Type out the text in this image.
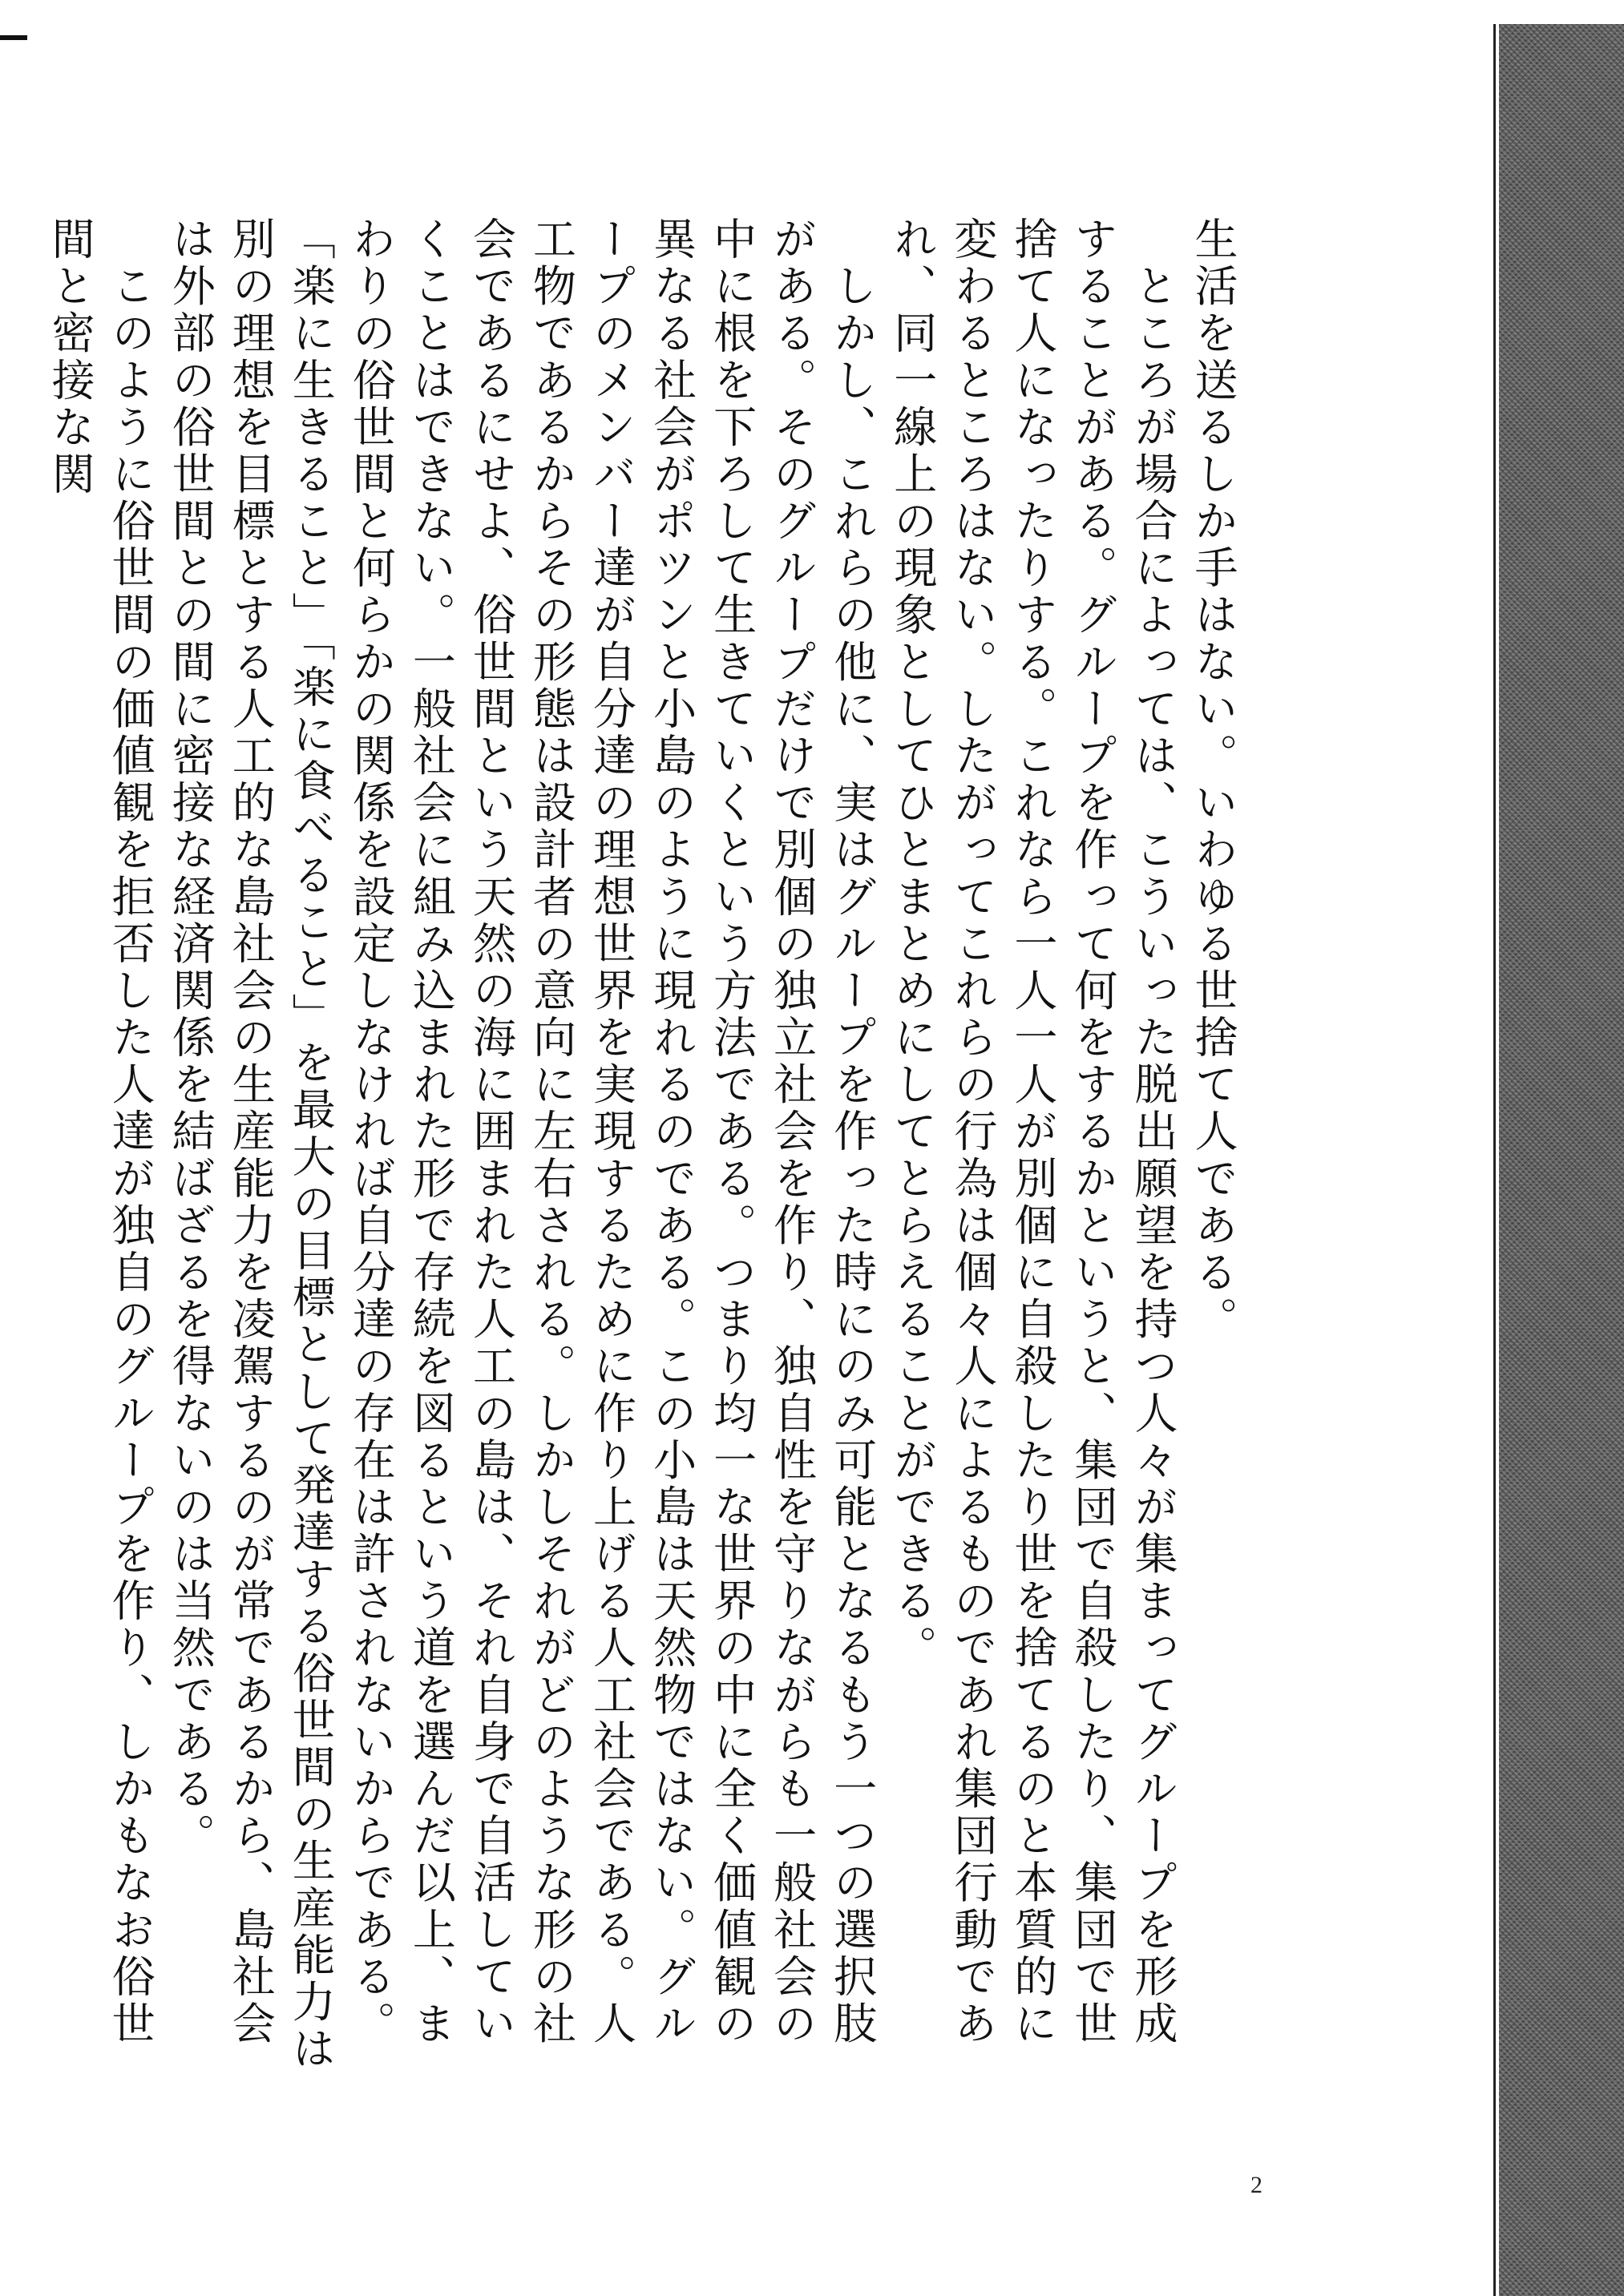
生活を送るしか手はない。いわゆる世捨て人である。

　ところが場合によっては、こういった脱出願望を持つ人々が集まってグループを形成することがある。グループを作って何をするかというと、集団で自殺したり、集団で世捨て人になったりする。これなら一人一人が別個に自殺したり世を捨てるのと本質的に変わるところはない。したがってこれらの行為は個々人によるものであれ集団行動であれ、同一線上の現象としてひとまとめにしてとらえることができる。

　しかし、これらの他に、実はグループを作った時にのみ可能となるもう一つの選択肢がある。そのグループだけで別個の独立社会を作り、独自性を守りながらも一般社会の中に根を下ろして生きていくという方法である。つまり均一な世界の中に全く価値観の異なる社会がポツンと小島のように現れるのである。この小島は天然物ではない。グループのメンバー達が自分達の理想世界を実現するために作り上げる人工社会である。人工物であるからその形態は設計者の意向に左右される。しかしそれがどのような形の社会であるにせよ、俗世間という天然の海に囲まれた人工の島は、それ自身で自活していくことはできない。一般社会に組み込まれた形で存続を図るという道を選んだ以上、まわりの俗世間と何らかの関係を設定しなければ自分達の存在は許されないからである。「楽に生きること」「楽に食べること」を最大の目標として発達する俗世間の生産能力は別の理想を目標とする人工的な島社会の生産能力を凌駕するのが常であるから、島社会は外部の俗世間との間に密接な経済関係を結ばざるを得ないのは当然である。

　このように俗世間の価値観を拒否した人達が独自のグループを作り、しかもなお俗世間と密接な関

2
